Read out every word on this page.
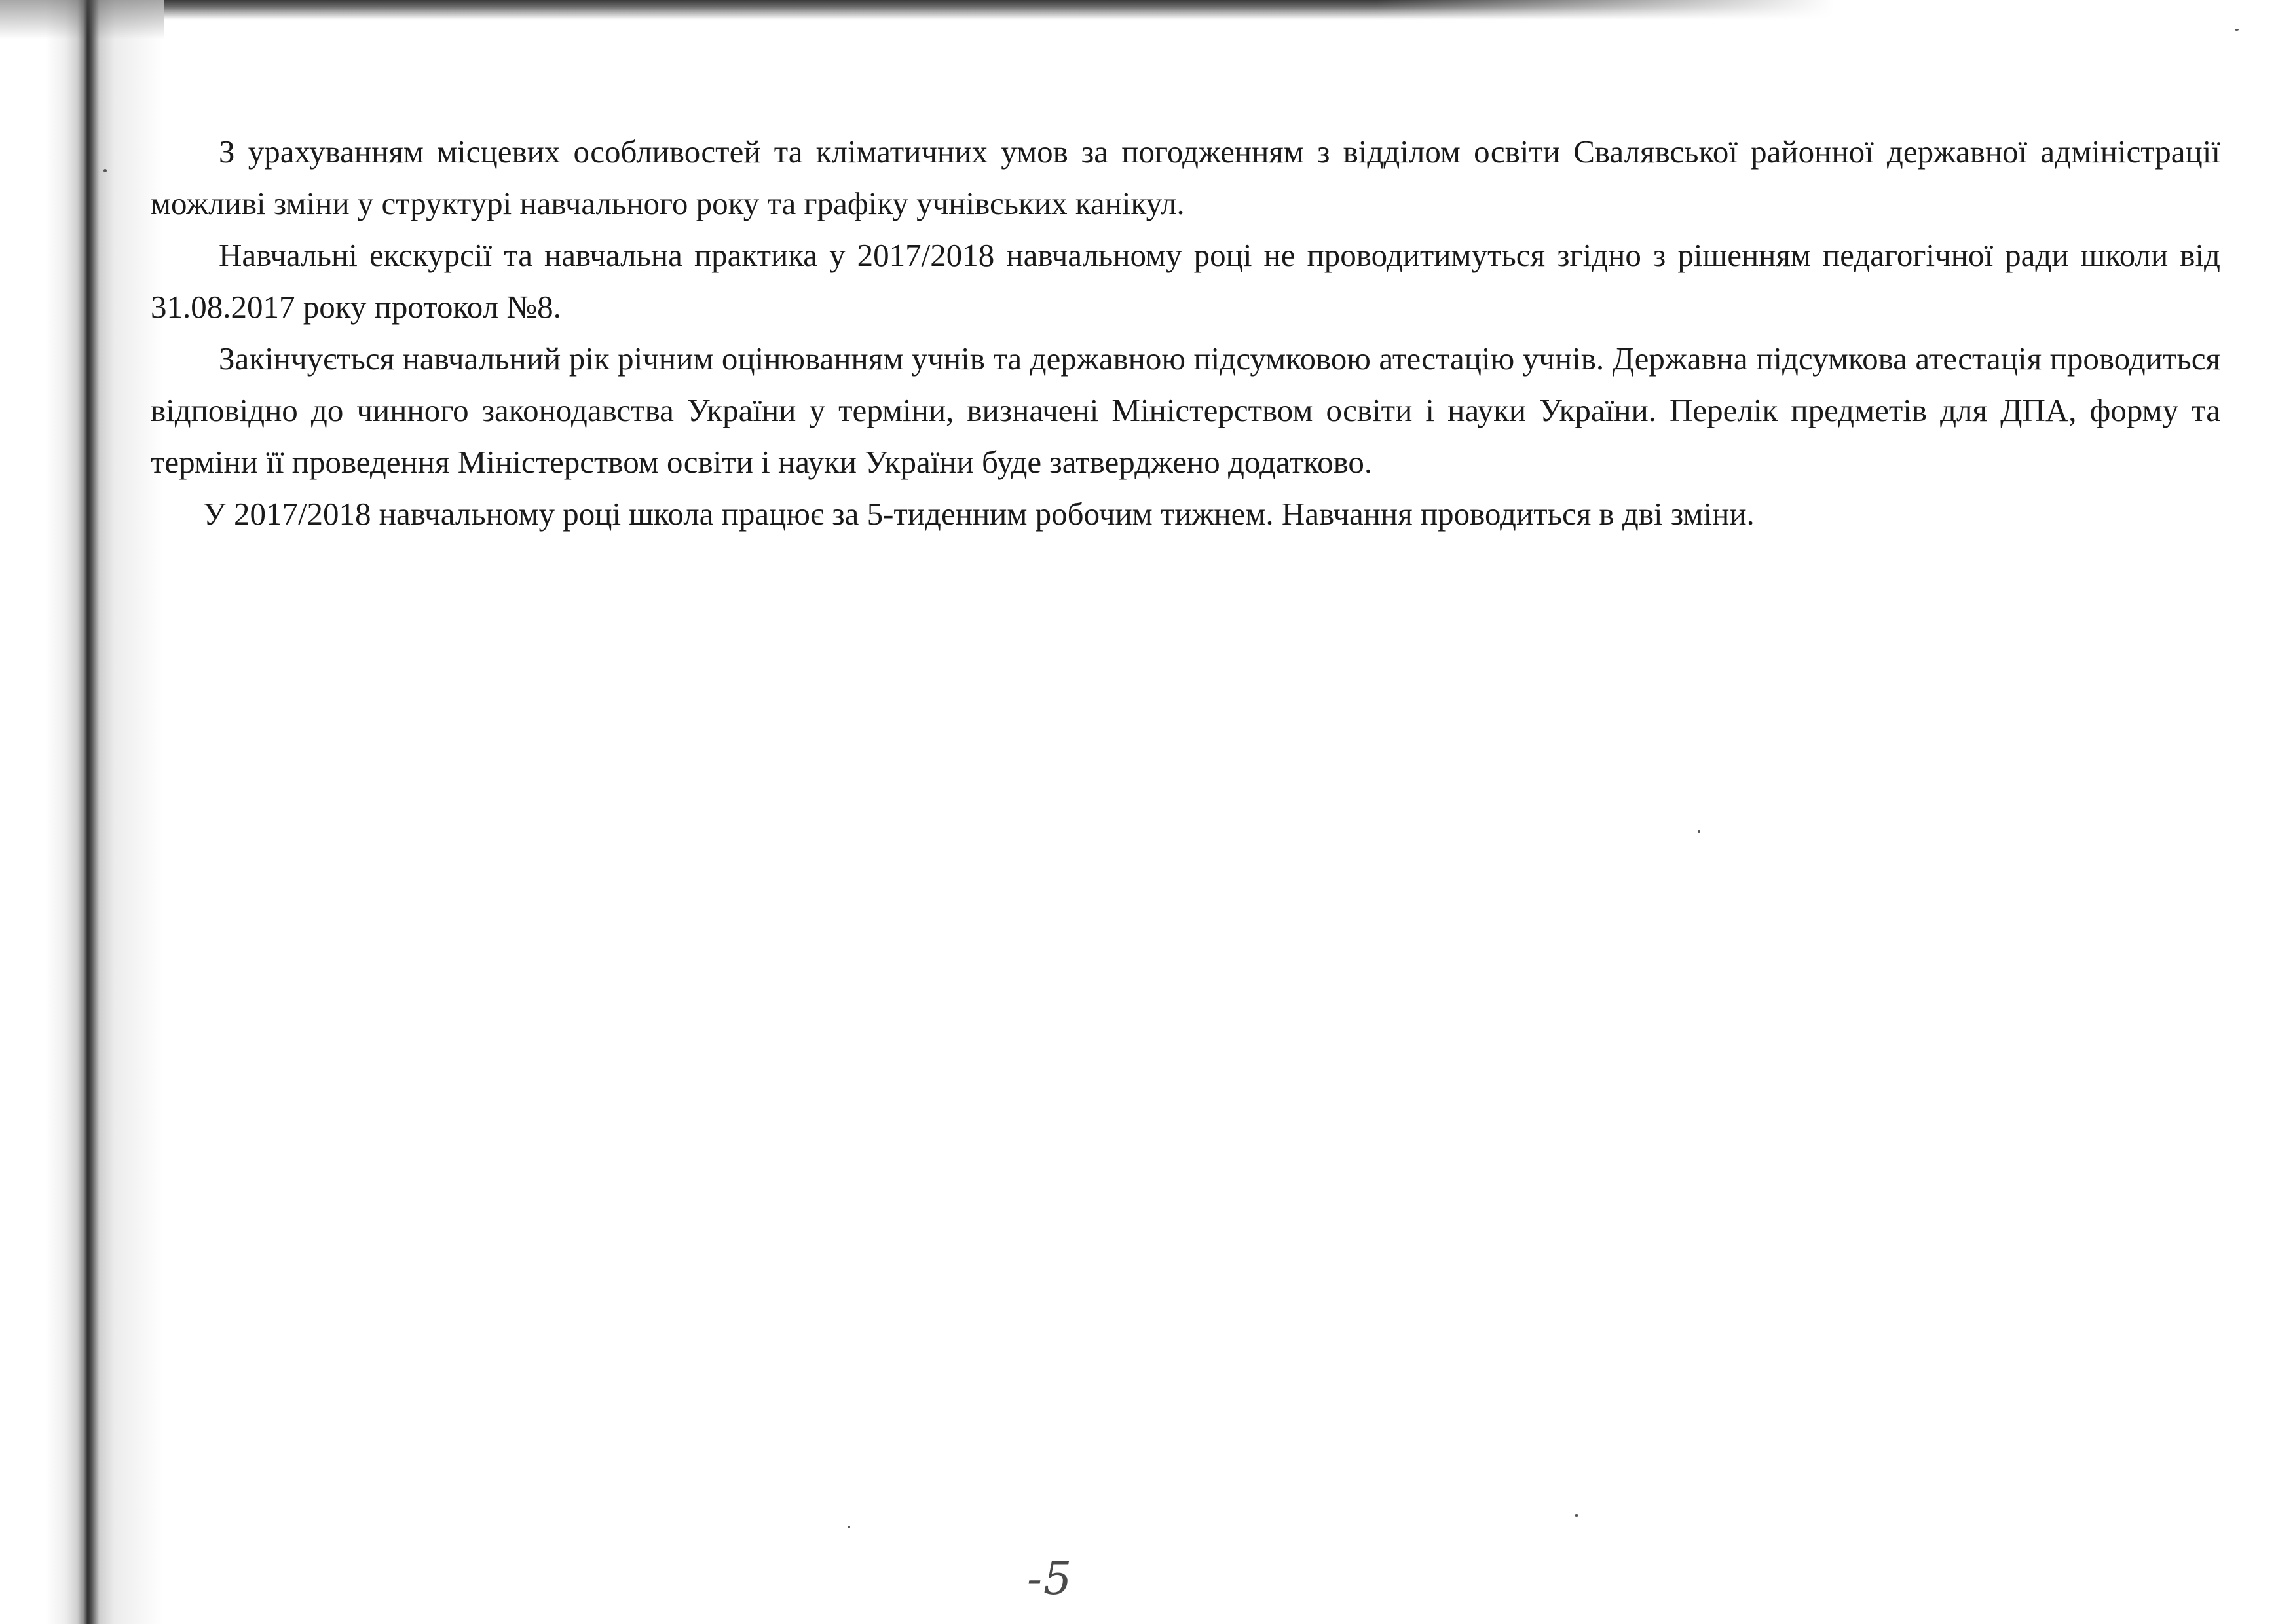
З урахуванням місцевих особливостей та кліматичних умов за погодженням з відділом освіти Свалявської районної державної адміністрації можливі зміни у структурі навчального року та графіку учнівських канікул.

Навчальні екскурсії та навчальна практика у 2017/2018 навчальному році не проводитимуться згідно з рішенням педагогічної ради школи від 31.08.2017 року протокол №8.

Закінчується навчальний рік річним оцінюванням учнів та державною підсумковою атестацію учнів. Державна підсумкова атестація проводиться відповідно до чинного законодавства України у терміни, визначені Міністерством освіти і науки України. Перелік предметів для ДПА, форму та терміни її проведення Міністерством освіти і науки України буде затверджено додатково.

У 2017/2018 навчальному році школа працює за 5-тиденним робочим тижнем. Навчання проводиться в дві зміни.

-5
